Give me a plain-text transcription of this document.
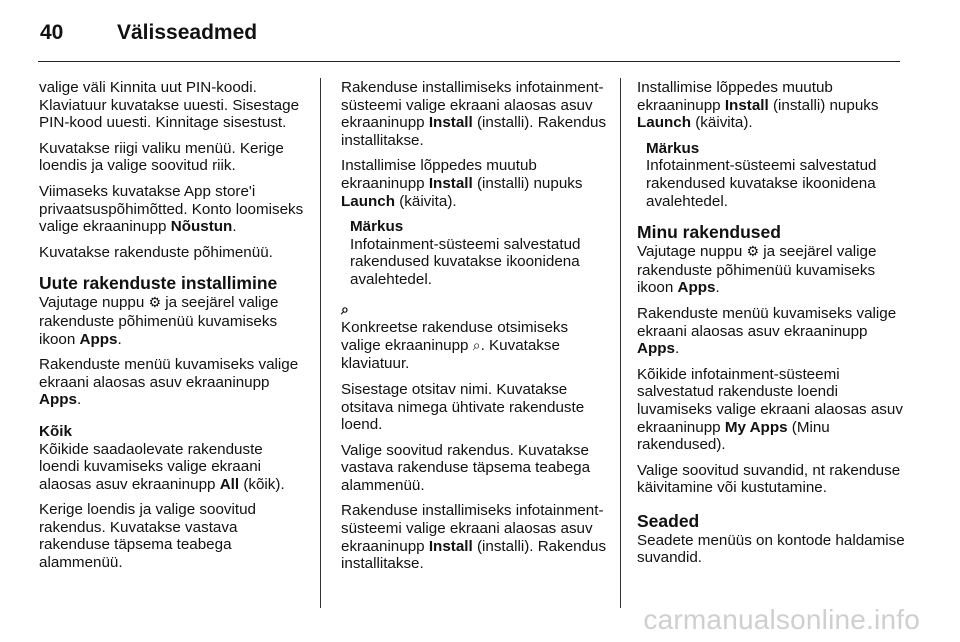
40	Välisseadmed

valige väli Kinnita uut PIN-koodi. Klaviatuur kuvatakse uuesti. Sisestage PIN-kood uuesti. Kinnitage sisestust.

Kuvatakse riigi valiku menüü. Kerige loendis ja valige soovitud riik.

Viimaseks kuvatakse App store'i privaatsuspõhimõtted. Konto loomiseks valige ekraaninupp Nõustun.

Kuvatakse rakenduste põhimenüü.

Uute rakenduste installimine

Vajutage nuppu ⚙ ja seejärel valige rakenduste põhimenüü kuvamiseks ikoon Apps.

Rakenduste menüü kuvamiseks valige ekraani alaosas asuv ekraaninupp Apps.

Kõik

Kõikide saadaolevate rakenduste loendi kuvamiseks valige ekraani alaosas asuv ekraaninupp All (kõik).

Kerige loendis ja valige soovitud rakendus. Kuvatakse vastava rakenduse täpsema teabega alammenüü.

Rakenduse installimiseks infotainment-süsteemi valige ekraani alaosas asuv ekraaninupp Install (installi). Rakendus installitakse.

Installimise lõppedes muutub ekraaninupp Install (installi) nupuks Launch (käivita).

Märkus
Infotainment-süsteemi salvestatud rakendused kuvatakse ikoonidena avalehtedel.
⌕

Konkreetse rakenduse otsimiseks valige ekraaninupp ⌕. Kuvatakse klaviatuur.

Sisestage otsitav nimi. Kuvatakse otsitava nimega ühtivate rakenduste loend.

Valige soovitud rakendus. Kuvatakse vastava rakenduse täpsema teabega alammenüü.

Rakenduse installimiseks infotainment-süsteemi valige ekraani alaosas asuv ekraaninupp Install (installi). Rakendus installitakse.

Installimise lõppedes muutub ekraaninupp Install (installi) nupuks Launch (käivita).

Märkus
Infotainment-süsteemi salvestatud rakendused kuvatakse ikoonidena avalehtedel.
Minu rakendused

Vajutage nuppu ⚙ ja seejärel valige rakenduste põhimenüü kuvamiseks ikoon Apps.

Rakenduste menüü kuvamiseks valige ekraani alaosas asuv ekraaninupp Apps.

Kõikide infotainment-süsteemi salvestatud rakenduste loendi luvamiseks valige ekraani alaosas asuv ekraaninupp My Apps (Minu rakendused).

Valige soovitud suvandid, nt rakenduse käivitamine või kustutamine.

Seaded

Seadete menüüs on kontode haldamise suvandid.

carmanualsonline.info
